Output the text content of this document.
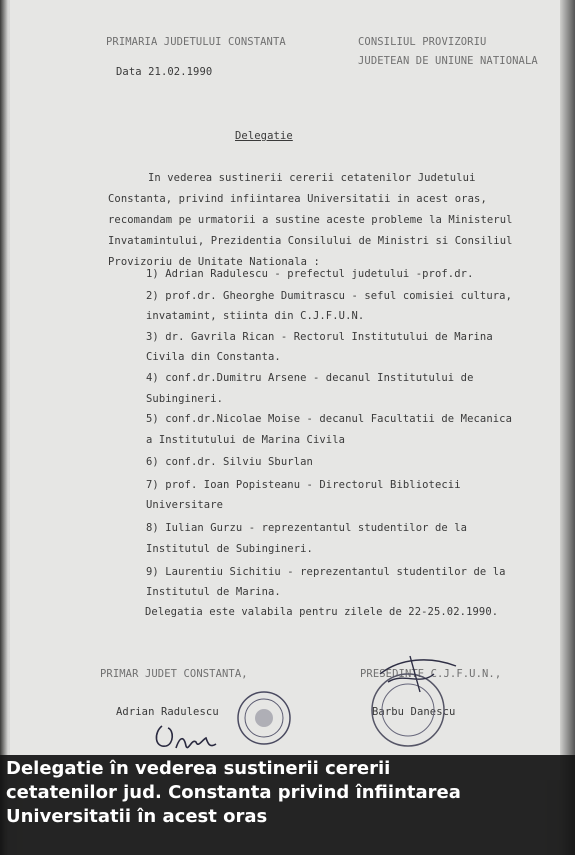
PRIMARIA JUDETULUI CONSTANTA	CONSILIUL PROVIZORIU
JUDETEAN DE UNIUNE NATIONALA
Data 21.02.1990
Delegatie
Delegatia este valabila pentru zilele de 22-25.02.1990.
PRIMAR JUDET CONSTANTA,
Adrian Radulescu
PRESEDINTE C.J.F.U.N.,
Barbu Danescu
Delegatie în vederea sustinerii cererii
cetatenilor jud. Constanta privind înfiintarea
Universitatii în acest oras
In vederea sustinerii cererii cetatenilor Judetului
Constanta, privind infiintarea Universitatii in acest oras,
recomandam pe urmatorii a sustine aceste probleme la Ministerul
Invatamintului, Prezidentia Consilului de Ministri si Consiliul
Provizoriu de Unitate Nationala :
1) Adrian Radulescu - prefectul judetului -prof.dr.
2) prof.dr. Gheorghe Dumitrascu - seful comisiei cultura,
invatamint, stiinta din C.J.F.U.N.
3) dr. Gavrila Rican - Rectorul Institutului de Marina
Civila din Constanta.
4) conf.dr.Dumitru Arsene - decanul Institutului de
Subingineri.
5) conf.dr.Nicolae Moise - decanul Facultatii de Mecanica
a Institutului de Marina Civila
6) conf.dr. Silviu Sburlan
7) prof. Ioan Popisteanu - Directorul Bibliotecii
Universitare
8) Iulian Gurzu - reprezentantul studentilor de la
Institutul de Subingineri.
9) Laurentiu Sichitiu - reprezentantul studentilor de la
Institutul de Marina.
